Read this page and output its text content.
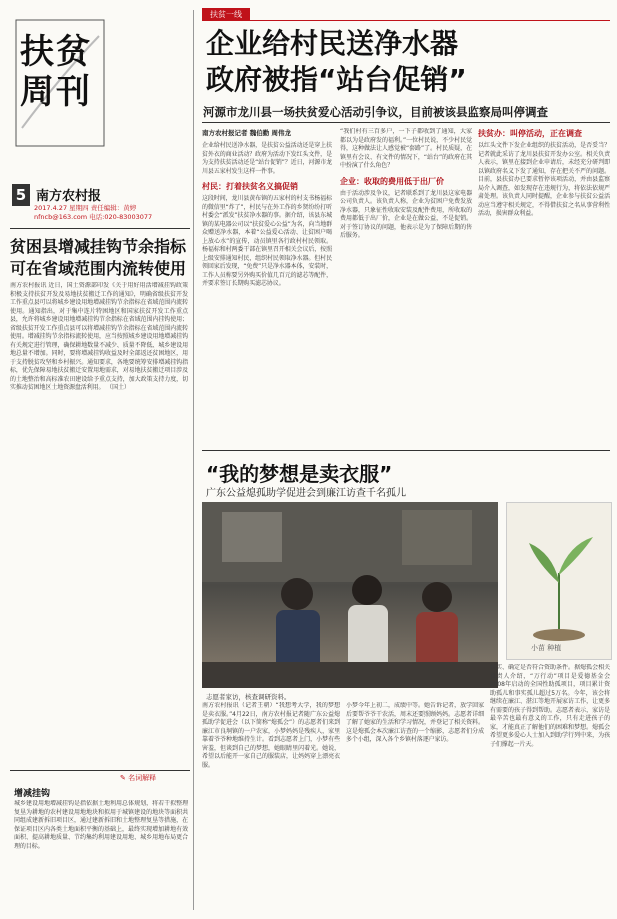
扶贫周刊
5 南方农村报
2017.4.27 星期四 责任编辑：黄婷
nfncb@163.com 电话:020-83003077
贫困县增减挂钩节余指标
可在省域范围内流转使用
南方农村报讯 近日，国土资源部印发《关于用好用活增减挂钩政策积极支持扶贫开发及易地扶贫搬迁工作的通知》，明确省级扶贫开发工作重点县可以将城乡建设用地增减挂钩节余指标在省域范围内流转使用。通知指出，对于集中连片特困地区和国家扶贫开发工作重点县，允许将城乡建设用地增减挂钩节余指标在省域范围内挂钩使用；省级扶贫开发工作重点县可以将增减挂钩节余指标在省域范围内流转使用。增减挂钩节余指标流转使用，应当按照城乡建设用地增减挂钩有关规定进行管理，确保耕地数量不减少、质量不降低、城乡建设用地总量不增加。同时，要将增减挂钩收益及时全部返还贫困地区，用于支持脱贫攻坚和乡村振兴。通知要求，各地要统筹安排增减挂钩指标，优先保障易地扶贫搬迁安置用地需求，对易地扶贫搬迁项目涉及的土地整治和高标准农田建设给予重点支持，加大政策支持力度，切实推动贫困地区土地资源盘活利用。 （国土）
✎ 名词解释
增减挂钩
城乡建设用地增减挂钩是指依据土地利用总体规划，将若干拟整理复垦为耕地的农村建设用地地块和拟用于城镇建设的地块等面积共同组成建新拆旧项目区，通过建新拆旧和土地整理复垦等措施，在保证项目区内各类土地面积平衡的基础上，最终实现增加耕地有效面积、提高耕地质量、节约集约利用建设用地、城乡用地布局更合理的目标。
扶贫一线
企业给村民送净水器
政府被指“站台促销”
河源市龙川县一场扶贫爱心活动引争议，目前被该县监察局叫停调查
南方农村报记者 魏伯勤 周伟龙
企业给村民送净水器，是扶贫公益活动还是穿上扶贫外衣的商业活动？政府为活动下发红头文件，是为支持扶贫活动还是“站台促销”？近日，河源市龙川县五家村发生这样一件事。
村民：打着扶贫名义搞促销
这段时间，龙川县黄布镇的五家村的村支书杨福标的微信里“炸了”，村民与在外工作的乡贤纷纷打听村委会“派发”扶贫净水器的事。据介绍，该县东城镇的某电器公司以“扶贫爱心公益”为名，向当地群众赠送净水器，本着“公益爱心活动、让贫困户喝上放心水”的宣传，动员镇里各行政村村民领取。杨福标和村两委干部在镇里召开相关会议后，按照上级安排通知村民，组织村民领取净水器。但村民领回家后发现，“免费”只是净水器本体，安装时，工作人员称要另外购买价值几百元的滤芯等配件，并要求签订长期购买滤芯协议。
“我们村有三百多户，一下子都收到了通知，大家都以为是政府发的福利。”一位村民说，不少村民觉得，这种做法让人感觉被“套路”了。村民质疑，在镇里有会议、有文件的情况下，“站台”的政府在其中扮演了什么角色？
企业：收取的费用低于出厂价
由于活动涉及争议，记者联系到了龙川县这家电器公司负责人。该负责人称，企业为贫困户免费发放净水器，只象征性收取安装及配件费用，所收取的费用都低于出厂价，企业是在做公益，不是促销。对于签订协议的问题，他表示是为了保障后期的售后服务。
扶贫办：叫停活动，正在调查
以红头文件下发企业组织的扶贫活动，是否妥当？记者就此采访了龙川县扶贫开发办公室。相关负责人表示，镇里在接到企业申请后，未经充分研判即以镇政府名义下发了通知，存在把关不严的问题。目前，县扶贫办已要求暂停该项活动，并由县监察局介入调查，如发现存在违规行为，将依法依规严肃处理。该负责人同时提醒，企业参与扶贫公益活动应当遵守相关规定，不得借扶贫之名从事营利性活动，损害群众利益。
“我的梦想是卖衣服”
广东公益熄孤助学促进会到廉江访查千名孤儿
志愿者家访，核查调研资料。
小苗 种植
南方农村报讯（记者王朝）“我想考大学，我的梦想是卖衣服。”4月22日，南方农村报记者随广东公益熄孤助学促进会（以下简称“熄孤会”）的志愿者们来到廉江市良垌镇的一户农家，小梦妈妈是残疾人，家里靠着爷爷种地维持生计。看到志愿者上门，小梦有些害羞，但谈到自己的梦想，她眼睛里闪着光。她说，希望以后能开一家自己的服装店，让妈妈穿上漂亮衣服。
小梦今年上初二，成绩中等。她告诉记者，放学回家后要帮爷爷干农活，周末还要照顾妈妈。志愿者详细了解了她家的生活和学习情况，并登记了相关资料。这是熄孤会本次廉江访查的一个缩影，志愿者们分成多个小组，深入各个乡镇村落逐户家访。
核实、确定是否符合资助条件。据熄孤会相关负责人介绍，“万行动”项目是爱德基金会2008年启动的全国性助孤项目，项目累计资助孤儿和事实孤儿超过5万名。今年，该会将继续在廉江、湛江等地开展家访工作，让更多有需要的孩子得到帮助。志愿者表示，家访是最辛苦也最有意义的工作，只有走进孩子的家，才能真正了解他们的困难和梦想。熄孤会希望更多爱心人士加入到助学行列中来，为孩子们撑起一片天。
